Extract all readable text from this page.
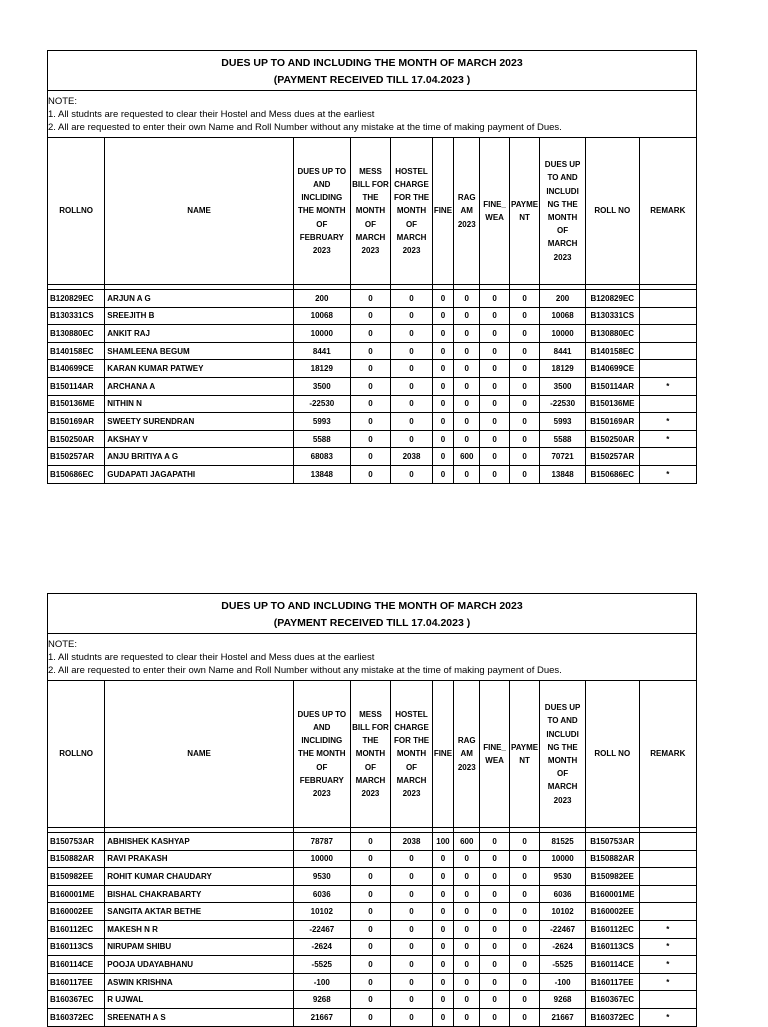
DUES UP TO AND INCLUDING THE MONTH OF MARCH 2023
(PAYMENT RECEIVED TILL 17.04.2023 )
NOTE:
1. All studnts are requested to clear their Hostel and Mess dues at the earliest
2. All are requested to enter their own Name and Roll Number without any mistake at the time of making payment of Dues.
ROLLNO	NAME	DUES UP TO AND INCLIDING THE MONTH OF FEBRUARY 2023	MESS BILL FOR THE MONTH OF MARCH 2023	HOSTEL CHARGE FOR THE MONTH OF MARCH 2023	FINE	RAG AM 2023	FINE_ WEA	PAYME NT	DUES UP TO AND INCLUDI NG THE MONTH OF MARCH 2023	ROLL NO	REMARK

B120829EC	ARJUN A G	200	0	0	0	0	0	0	200	B120829EC	
B130331CS	SREEJITH B	10068	0	0	0	0	0	0	10068	B130331CS	
B130880EC	ANKIT RAJ	10000	0	0	0	0	0	0	10000	B130880EC	
B140158EC	SHAMLEENA BEGUM	8441	0	0	0	0	0	0	8441	B140158EC	
B140699CE	KARAN KUMAR PATWEY	18129	0	0	0	0	0	0	18129	B140699CE	
B150114AR	ARCHANA A	3500	0	0	0	0	0	0	3500	B150114AR	*
B150136ME	NITHIN N	-22530	0	0	0	0	0	0	-22530	B150136ME	
B150169AR	SWEETY SURENDRAN	5993	0	0	0	0	0	0	5993	B150169AR	*
B150250AR	AKSHAY V	5588	0	0	0	0	0	0	5588	B150250AR	*
B150257AR	ANJU BRITIYA A G	68083	0	2038	0	600	0	0	70721	B150257AR	
B150686EC	GUDAPATI JAGAPATHI	13848	0	0	0	0	0	0	13848	B150686EC	*
DUES UP TO AND INCLUDING THE MONTH OF MARCH 2023
(PAYMENT RECEIVED TILL 17.04.2023 )
NOTE:
1. All studnts are requested to clear their Hostel and Mess dues at the earliest
2. All are requested to enter their own Name and Roll Number without any mistake at the time of making payment of Dues.
ROLLNO	NAME	DUES UP TO AND INCLIDING THE MONTH OF FEBRUARY 2023	MESS BILL FOR THE MONTH OF MARCH 2023	HOSTEL CHARGE FOR THE MONTH OF MARCH 2023	FINE	RAG AM 2023	FINE_ WEA	PAYME NT	DUES UP TO AND INCLUDI NG THE MONTH OF MARCH 2023	ROLL NO	REMARK

B150753AR	ABHISHEK KASHYAP	78787	0	2038	100	600	0	0	81525	B150753AR	
B150882AR	RAVI PRAKASH	10000	0	0	0	0	0	0	10000	B150882AR	
B150982EE	ROHIT KUMAR CHAUDARY	9530	0	0	0	0	0	0	9530	B150982EE	
B160001ME	BISHAL CHAKRABARTY	6036	0	0	0	0	0	0	6036	B160001ME	
B160002EE	SANGITA AKTAR BETHE	10102	0	0	0	0	0	0	10102	B160002EE	
B160112EC	MAKESH N R	-22467	0	0	0	0	0	0	-22467	B160112EC	*
B160113CS	NIRUPAM SHIBU	-2624	0	0	0	0	0	0	-2624	B160113CS	*
B160114CE	POOJA UDAYABHANU	-5525	0	0	0	0	0	0	-5525	B160114CE	*
B160117EE	ASWIN KRISHNA	-100	0	0	0	0	0	0	-100	B160117EE	*
B160367EC	R UJWAL	9268	0	0	0	0	0	0	9268	B160367EC	
B160372EC	SREENATH A S	21667	0	0	0	0	0	0	21667	B160372EC	*
